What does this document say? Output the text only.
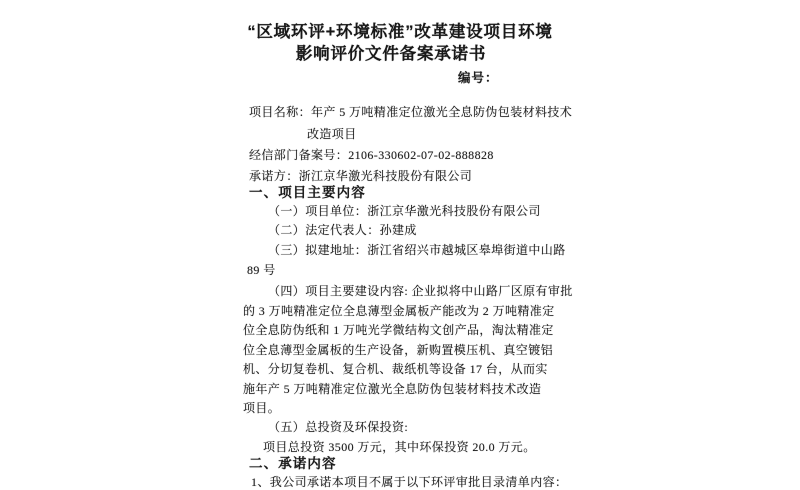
“区域环评+环境标准”改革建设项目环境
影响评价文件备案承诺书
编号：
项目名称：年产 5 万吨精准定位激光全息防伪包装材料技术
改造项目
经信部门备案号：2106-330602-07-02-888828
承诺方：浙江京华激光科技股份有限公司
一、项目主要内容
（一）项目单位：浙江京华激光科技股份有限公司
（二）法定代表人：孙建成
（三）拟建地址：浙江省绍兴市越城区皋埠街道中山路
89 号
（四）项目主要建设内容: 企业拟将中山路厂区原有审批
的 3 万吨精准定位全息薄型金属板产能改为 2 万吨精准定
位全息防伪纸和 1 万吨光学微结构文创产品，淘汰精准定
位全息薄型金属板的生产设备，新购置模压机、真空镀铝
机、分切复卷机、复合机、裁纸机等设备 17 台，从而实
施年产 5 万吨精准定位激光全息防伪包装材料技术改造
项目。
（五）总投资及环保投资:
项目总投资 3500 万元，其中环保投资 20.0 万元。
二、承诺内容
1、我公司承诺本项目不属于以下环评审批目录清单内容：
